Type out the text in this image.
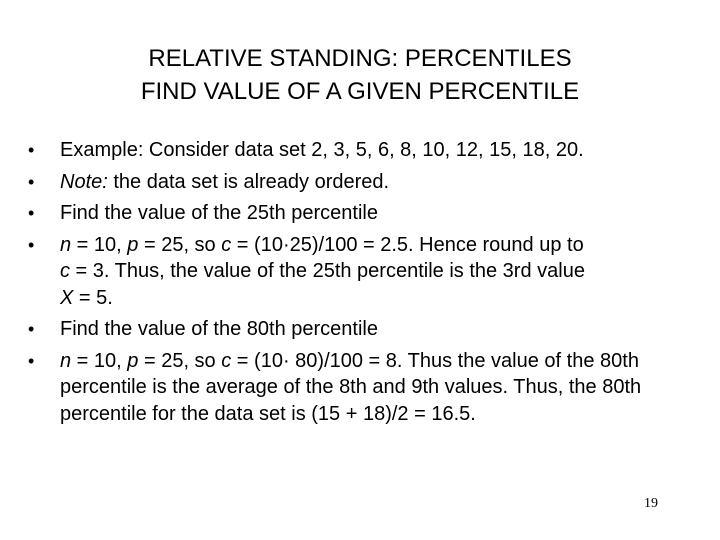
RELATIVE STANDING: PERCENTILES
FIND VALUE OF A GIVEN PERCENTILE
•	Example: Consider data set 2, 3, 5, 6, 8, 10, 12, 15, 18, 20.
•	Note: the data set is already ordered.
•	Find the value of the 25th percentile
•	n = 10, p = 25, so c = (10·25)/100 = 2.5. Hence round up to
c = 3. Thus, the value of the 25th percentile is the 3rd value
X = 5.
•	Find the value of the 80th percentile
•	n = 10, p = 25, so c = (10· 80)/100 = 8. Thus the value of the 80th percentile is the average of the 8th and 9th values. Thus, the 80th percentile for the data set is (15 + 18)/2 = 16.5.
19
